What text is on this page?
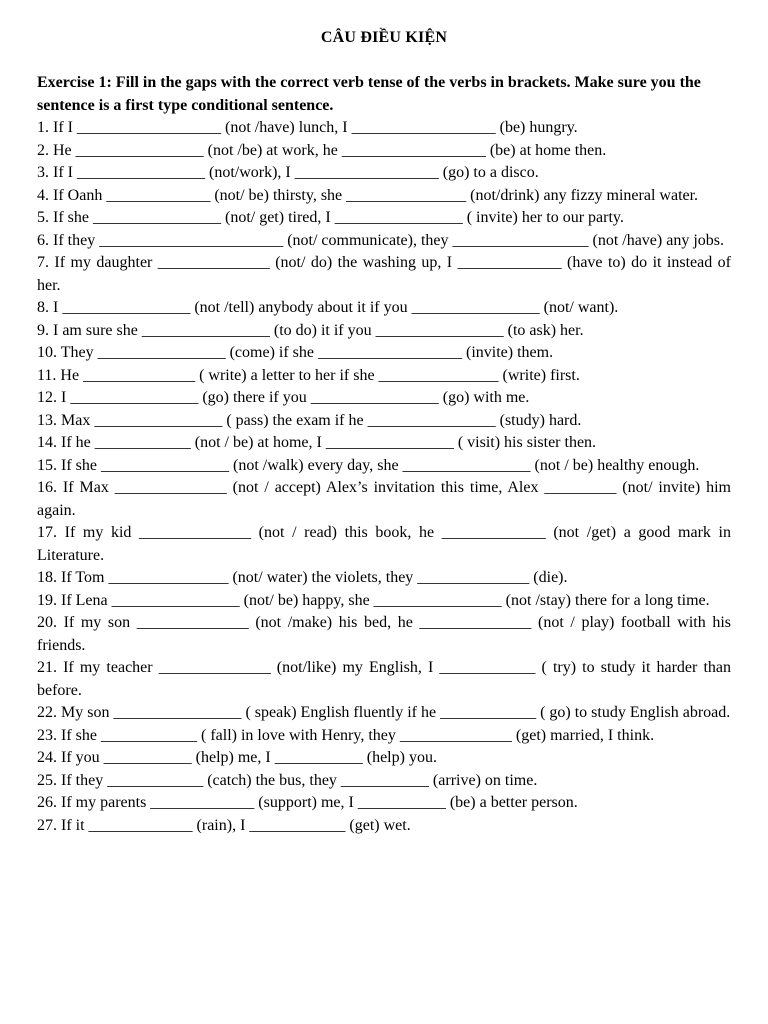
CÂU ĐIỀU KIỆN

Exercise 1: Fill in the gaps with the correct verb tense of the verbs in brackets. Make sure you the sentence is a first type conditional sentence.

1. If I __________________ (not /have) lunch, I __________________ (be) hungry.

2. He ________________ (not /be) at work, he __________________ (be) at home then.

3. If I ________________ (not/work), I __________________ (go) to a disco.

4. If Oanh _____________ (not/ be) thirsty, she _______________ (not/drink) any fizzy mineral water.

5. If she ________________ (not/ get) tired, I ________________ ( invite) her to our party.

6. If they _______________________ (not/ communicate), they _________________ (not /have) any jobs.

7. If my daughter ______________ (not/ do) the washing up, I _____________ (have to) do it instead of her.

8. I ________________ (not /tell) anybody about it if you ________________ (not/ want).

9. I am sure she ________________ (to do) it if you ________________ (to ask) her.

10. They ________________ (come) if she __________________ (invite) them.

11. He ______________ ( write) a letter to her if she _______________ (write) first.

12. I ________________ (go) there if you ________________ (go) with me.

13. Max ________________ ( pass) the exam if he ________________ (study) hard.

14. If he ____________ (not / be) at home, I ________________ ( visit) his sister then.

15. If she ________________ (not /walk) every day, she ________________ (not / be) healthy enough.

16. If Max ______________ (not / accept) Alex’s invitation this time, Alex _________ (not/ invite) him again.

17. If my kid ______________ (not / read) this book, he _____________ (not /get) a good mark in Literature.

18. If Tom _______________ (not/ water) the violets, they ______________ (die).

19. If Lena ________________ (not/ be) happy, she ________________ (not /stay) there for a long time.

20. If my son ______________ (not /make) his bed, he ______________ (not / play) football with his friends.

21. If my teacher ______________ (not/like) my English, I ____________ ( try) to study it harder than before.

22. My son ________________ ( speak) English fluently if he ____________ ( go) to study English abroad.

23. If she ____________ ( fall) in love with Henry, they ______________ (get) married, I think.

24. If you ___________ (help) me, I ___________ (help) you.

25. If they ____________ (catch) the bus, they ___________ (arrive) on time.

26. If my parents _____________ (support) me, I ___________ (be) a better person.

27. If it _____________ (rain), I ____________ (get) wet.
